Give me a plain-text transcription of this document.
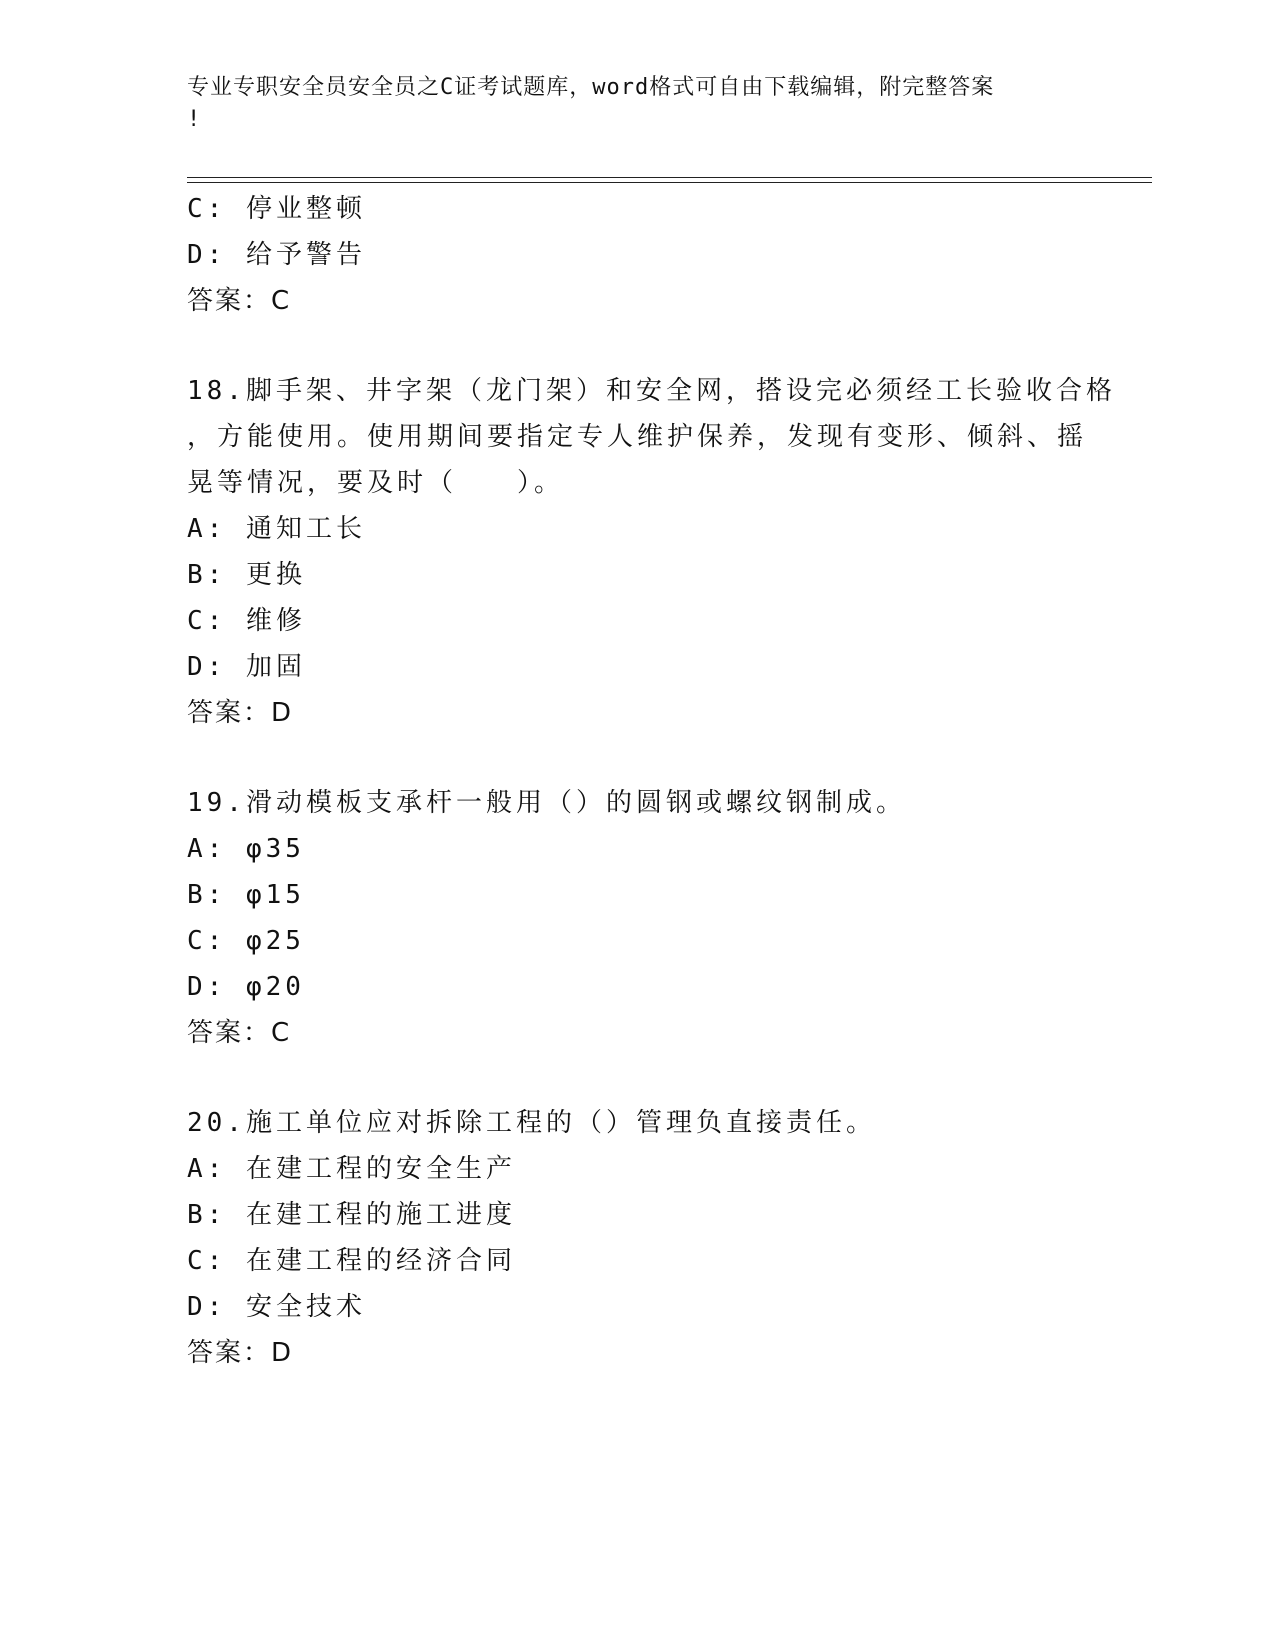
专业专职安全员安全员之C证考试题库，word格式可自由下载编辑，附完整答案
!
C: 停业整顿
D: 给予警告
答案：C
18.脚手架、井字架（龙门架）和安全网，搭设完必须经工长验收合格
，方能使用。使用期间要指定专人维护保养，发现有变形、倾斜、摇
晃等情况，要及时（　　）。
A: 通知工长
B: 更换
C: 维修
D: 加固
答案：D
19.滑动模板支承杆一般用（）的圆钢或螺纹钢制成。
A: φ35
B: φ15
C: φ25
D: φ20
答案：C
20.施工单位应对拆除工程的（）管理负直接责任。
A: 在建工程的安全生产
B: 在建工程的施工进度
C: 在建工程的经济合同
D: 安全技术
答案：D
